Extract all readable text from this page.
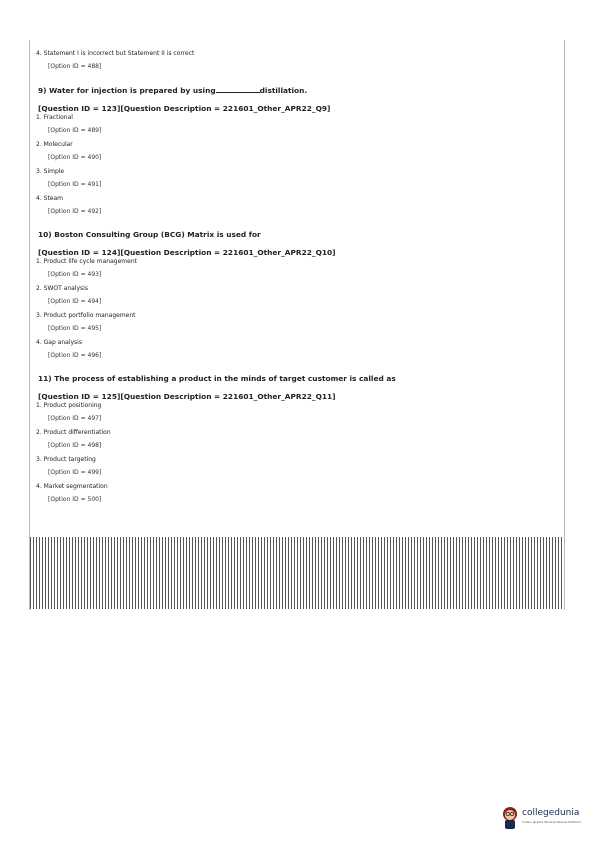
4. Statement I is incorrect but Statement II is correct
[Option ID = 488]
9) Water for injection is prepared by using	distillation.
[Question ID = 123][Question Description = 221601_Other_APR22_Q9]
1. Fractional
[Option ID = 489]
2. Molecular
[Option ID = 490]
3. Simple
[Option ID = 491]
4. Steam
[Option ID = 492]
10) Boston Consulting Group (BCG) Matrix is used for
[Question ID = 124][Question Description = 221601_Other_APR22_Q10]
1. Product life cycle management
[Option ID = 493]
2. SWOT analysis
[Option ID = 494]
3. Product portfolio management
[Option ID = 495]
4. Gap analysis
[Option ID = 496]
11) The process of establishing a product in the minds of target customer is called as
[Question ID = 125][Question Description = 221601_Other_APR22_Q11]
1. Product positioning
[Option ID = 497]
2. Product differentiation
[Option ID = 498]
3. Product targeting
[Option ID = 499]
4. Market segmentation
[Option ID = 500]
collegedunia
India's largest Student Review Platform
